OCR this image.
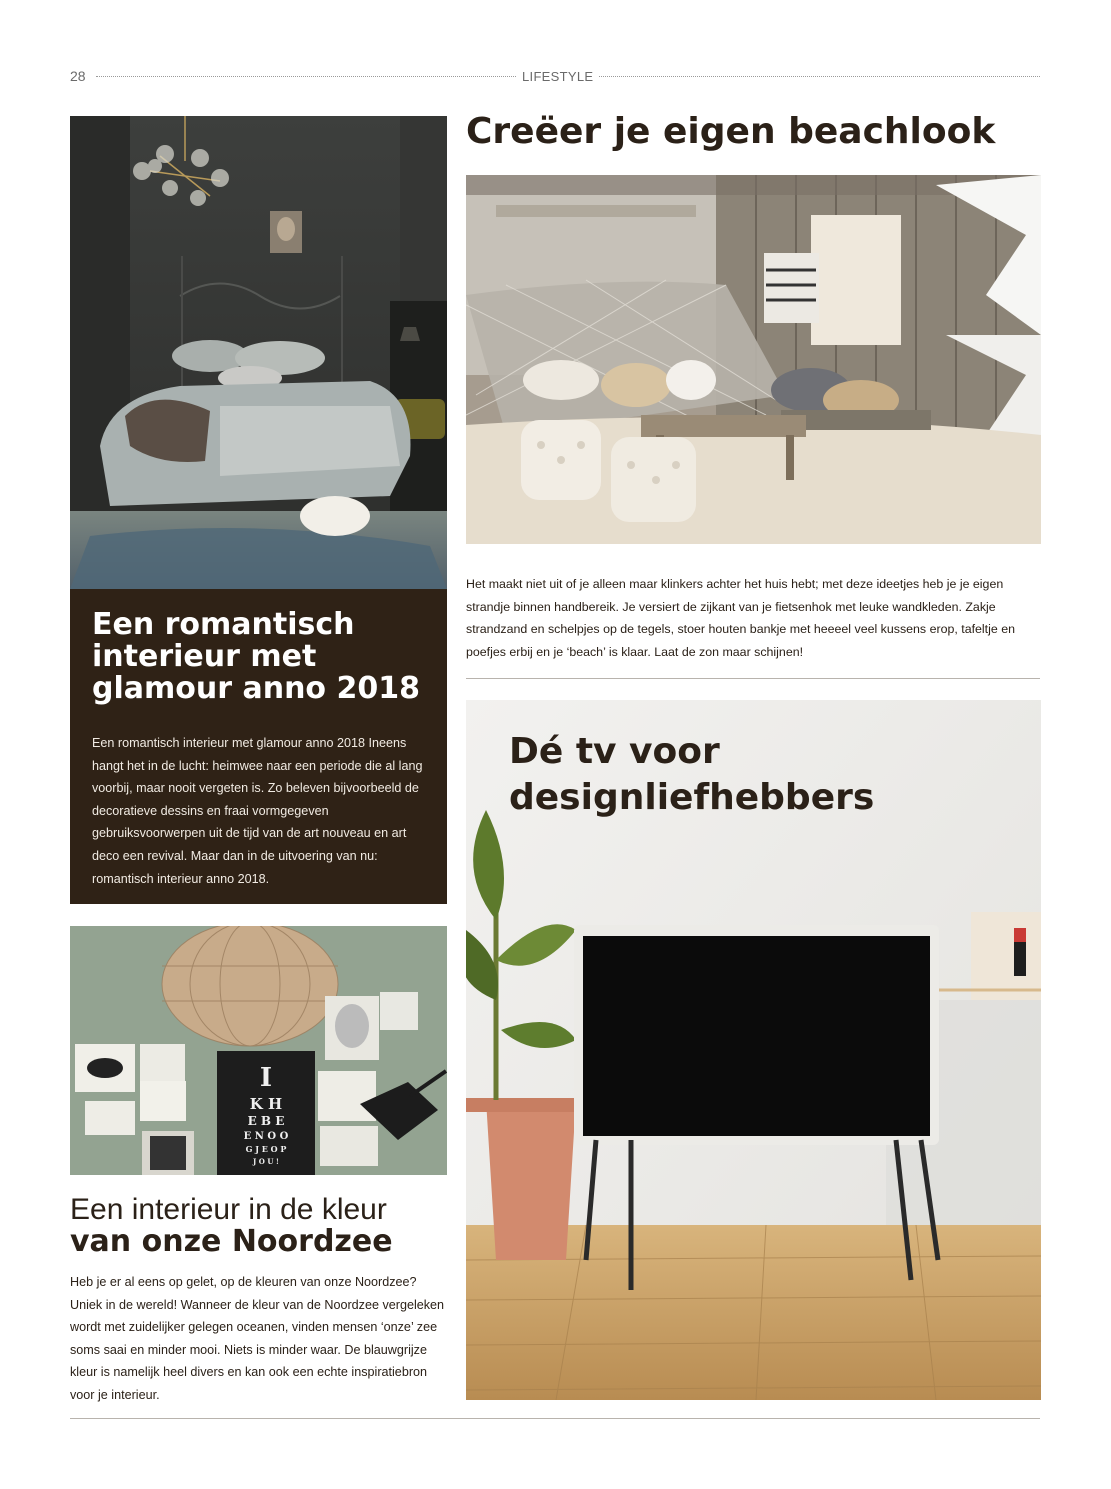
28	LIFESTYLE
Een romantisch interieur met glamour anno 2018

Een romantisch interieur met glamour anno 2018 Ineens hangt het in de lucht: heimwee naar een periode die al lang voorbij, maar nooit vergeten is. Zo beleven bijvoorbeeld de decoratieve dessins en fraai vormgegeven gebruiksvoorwerpen uit de tijd van de art nouveau en art deco een revival. Maar dan in de uitvoering van nu: romantisch interieur anno 2018.

I
K H
E B E
E N O O
G J E O P
J O U !
Een interieur in de kleur
van onze Noordzee

Heb je er al eens op gelet, op de kleuren van onze Noordzee? Uniek in de wereld! Wanneer de kleur van de Noordzee vergeleken wordt met zuidelijker gelegen oceanen, vinden mensen ‘onze’ zee soms saai en minder mooi. Niets is minder waar. De blauwgrijze kleur is namelijk heel divers en kan ook een echte inspiratiebron voor je interieur.

Creëer je eigen beachlook

Het maakt niet uit of je alleen maar klinkers achter het huis hebt; met deze ideetjes heb je je eigen strandje binnen handbereik. Je versiert de zijkant van je fietsenhok met leuke wandkleden. Zakje strandzand en schelpjes op de tegels, stoer houten bankje met heeeel veel kussens erop, tafeltje en poefjes erbij en je ‘beach’ is klaar. Laat de zon maar schijnen!

Dé tv voor designliefhebbers
